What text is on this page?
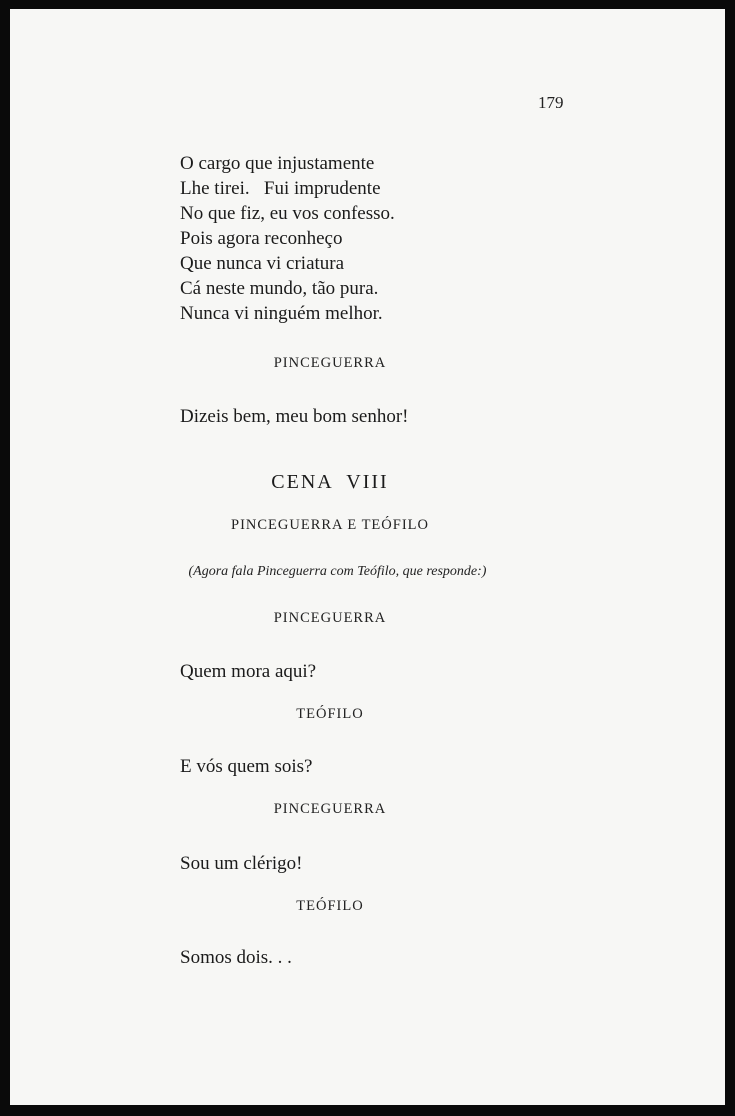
179
O cargo que injustamente
Lhe tirei.   Fui imprudente
No que fiz, eu vos confesso.
Pois agora reconheço
Que nunca vi criatura
Cá neste mundo, tão pura.
Nunca vi ninguém melhor.
PINCEGUERRA
Dizeis bem, meu bom senhor!
CENA  VIII
PINCEGUERRA E TEÓFILO
(Agora fala Pinceguerra com Teófilo, que responde:)
PINCEGUERRA
Quem mora aqui?
TEÓFILO
E vós quem sois?
PINCEGUERRA
Sou um clérigo!
TEÓFILO
Somos dois. . .
